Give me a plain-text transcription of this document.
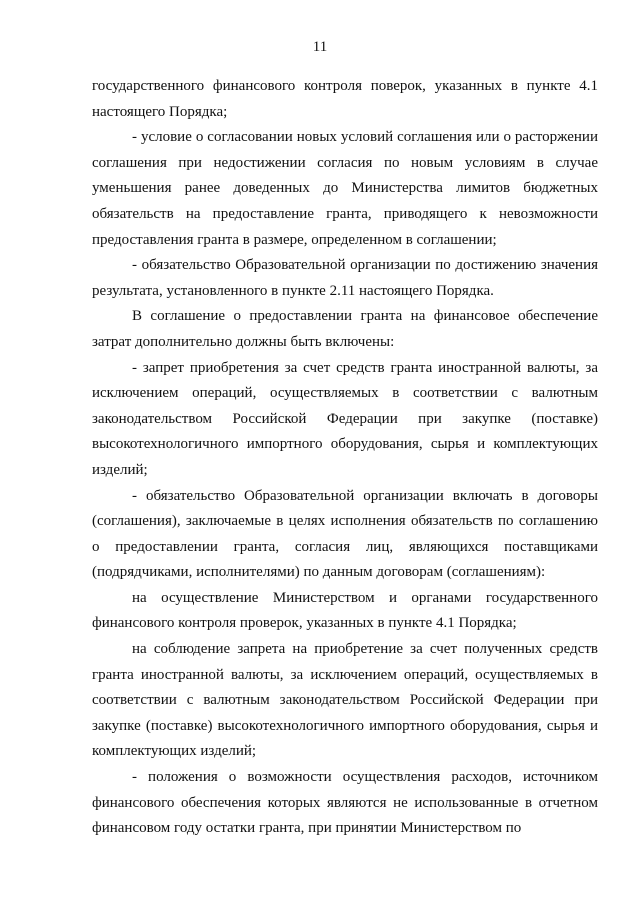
11

государственного финансового контроля поверок, указанных в пункте 4.1 настоящего Порядка;

- условие о согласовании новых условий соглашения или о расторжении соглашения при недостижении согласия по новым условиям в случае уменьшения ранее доведенных до Министерства лимитов бюджетных обязательств на предоставление гранта, приводящего к невозможности предоставления гранта в размере, определенном в соглашении;

- обязательство Образовательной организации по достижению значения результата, установленного в пункте 2.11 настоящего Порядка.

В соглашение о предоставлении гранта на финансовое обеспечение затрат дополнительно должны быть включены:

- запрет приобретения за счет средств гранта иностранной валюты, за исключением операций, осуществляемых в соответствии с валютным законодательством Российской Федерации при закупке (поставке) высокотехнологичного импортного оборудования, сырья и комплектующих изделий;

- обязательство Образовательной организации включать в договоры (соглашения), заключаемые в целях исполнения обязательств по соглашению о предоставлении гранта, согласия лиц, являющихся поставщиками (подрядчиками, исполнителями) по данным договорам (соглашениям):

на осуществление Министерством и органами государственного финансового контроля проверок, указанных в пункте 4.1 Порядка;

на соблюдение запрета на приобретение за счет полученных средств гранта иностранной валюты, за исключением операций, осуществляемых в соответствии с валютным законодательством Российской Федерации при закупке (поставке) высокотехнологичного импортного оборудования, сырья и комплектующих изделий;

- положения о возможности осуществления расходов, источником финансового обеспечения которых являются не использованные в отчетном финансовом году остатки гранта, при принятии Министерством по
